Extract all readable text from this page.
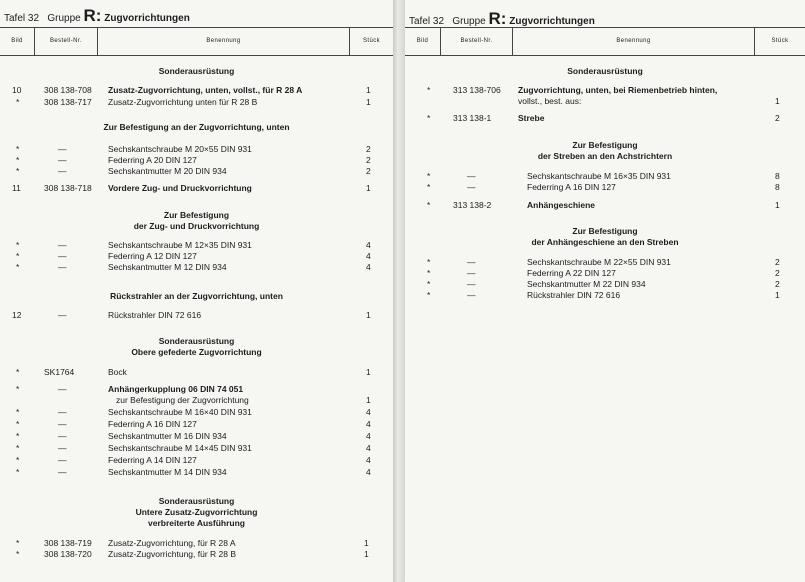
Tafel 32 Gruppe R: Zugvorrichtungen
Bild	Bestell-Nr.	Benennung	Stück
Sonderausrüstung
10	308 138-708 Zusatz-Zugvorrichtung, unten, vollst., für R 28 A	1
*	308 138-717 Zusatz-Zugvorrichtung unten für R 28 B	1
Zur Befestigung an der Zugvorrichtung, unten
*	—	Sechskantschraube M 20×55 DIN 931	2
*	—	Federring A 20 DIN 127	2
*	—	Sechskantmutter M 20 DIN 934	2
11	308 138-718 Vordere Zug- und Druckvorrichtung	1
Zur Befestigung
der Zug- und Druckvorrichtung
*	—	Sechskantschraube M 12×35 DIN 931	4
*	—	Federring A 12 DIN 127	4
*	—	Sechskantmutter M 12 DIN 934	4
Rückstrahler an der Zugvorrichtung, unten
12	—	Rückstrahler DIN 72 616	1
Sonderausrüstung
Obere gefederte Zugvorrichtung
*	SK1764	Bock	1
*	—	Anhängerkupplung 06 DIN 74 051
zur Befestigung der Zugvorrichtung	1
*	—	Sechskantschraube M 16×40 DIN 931	4
*	—	Federring A 16 DIN 127	4
*	—	Sechskantmutter M 16 DIN 934	4
*	—	Sechskantschraube M 14×45 DIN 931	4
*	—	Federring A 14 DIN 127	4
*	—	Sechskantmutter M 14 DIN 934	4
Sonderausrüstung
Untere Zusatz-Zugvorrichtung
verbreiterte Ausführung
*	308 138-719 Zusatz-Zugvorrichtung, für R 28 A	1
*	308 138-720 Zusatz-Zugvorrichtung, für R 28 B	1
Tafel 32 Gruppe R: Zugvorrichtungen
Bild	Bestell-Nr.	Benennung	Stück
Sonderausrüstung
*	313 138-706 Zugvorrichtung, unten, bei Riemenbetrieb hinten,
vollst., best. aus:	1
*	313 138-1	Strebe	2
Zur Befestigung
der Streben an den Achstrichtern
*	—	Sechskantschraube M 16×35 DIN 931	8
*	—	Federring A 16 DIN 127	8
*	313 138-2	Anhängeschiene	1
Zur Befestigung
der Anhängeschiene an den Streben
*	—	Sechskantschraube M 22×55 DIN 931	2
*	—	Federring A 22 DIN 127	2
*	—	Sechskantmutter M 22 DIN 934	2
*	—	Rückstrahler DIN 72 616	1
